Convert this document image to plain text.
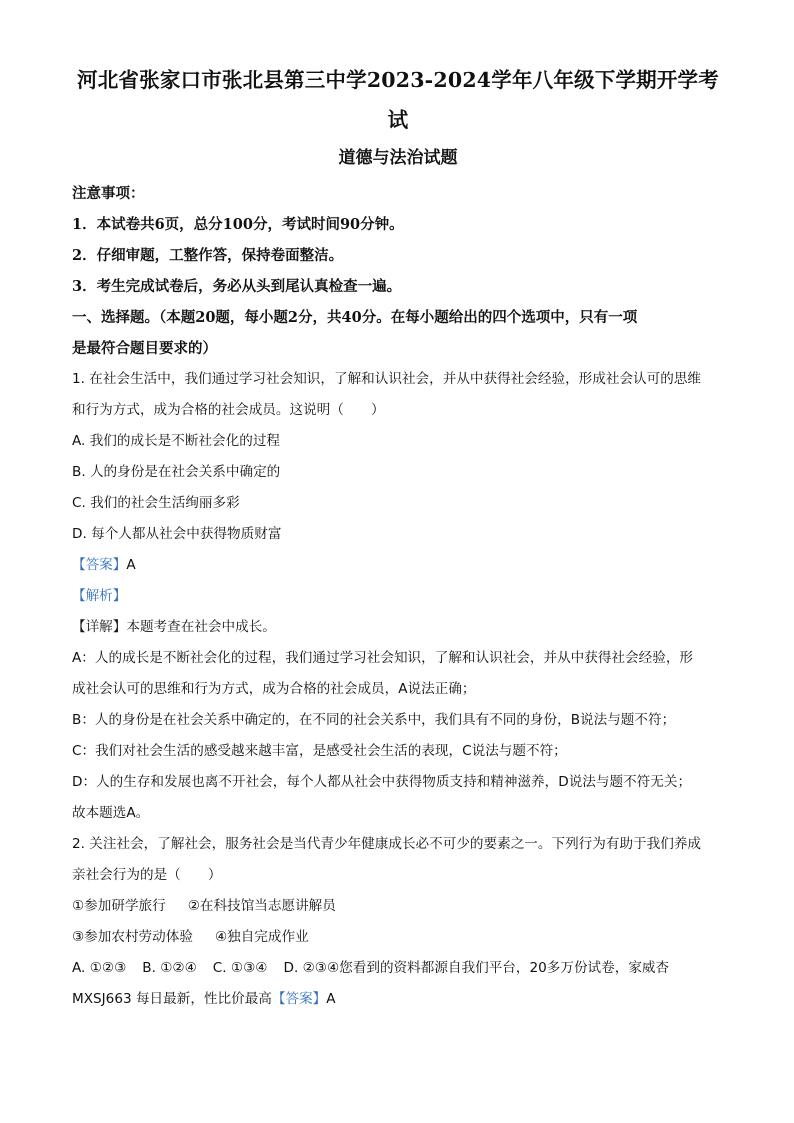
河北省张家口市张北县第三中学2023-2024学年八年级下学期开学考

试

道德与法治试题

注意事项：

1．本试卷共6页，总分100分，考试时间90分钟。

2．仔细审题，工整作答，保持卷面整洁。

3．考生完成试卷后，务必从头到尾认真检查一遍。

一、选择题。（本题20题，每小题2分，共40分。在每小题给出的四个选项中，只有一项

是最符合题目要求的）

1. 在社会生活中，我们通过学习社会知识，了解和认识社会，并从中获得社会经验，形成社会认可的思维

和行为方式，成为合格的社会成员。这说明（　　）

A. 我们的成长是不断社会化的过程

B. 人的身份是在社会关系中确定的

C. 我们的社会生活绚丽多彩

D. 每个人都从社会中获得物质财富

【答案】A

【解析】

【详解】本题考查在社会中成长。

A：人的成长是不断社会化的过程，我们通过学习社会知识，了解和认识社会，并从中获得社会经验，形

成社会认可的思维和行为方式，成为合格的社会成员，A说法正确；

B：人的身份是在社会关系中确定的，在不同的社会关系中，我们具有不同的身份，B说法与题不符；

C：我们对社会生活的感受越来越丰富，是感受社会生活的表现，C说法与题不符；

D：人的生存和发展也离不开社会，每个人都从社会中获得物质支持和精神滋养，D说法与题不符无关；

故本题选A。

2. 关注社会，了解社会，服务社会是当代青少年健康成长必不可少的要素之一。下列行为有助于我们养成

亲社会行为的是（　　）

①参加研学旅行 ②在科技馆当志愿讲解员

③参加农村劳动体验 ④独自完成作业

A. ①②③ B. ①②④ C. ①③④ D. ②③④您看到的资料都源自我们平台，20多万份试卷，家威杏

MXSJ663 每日最新，性比价最高【答案】A
